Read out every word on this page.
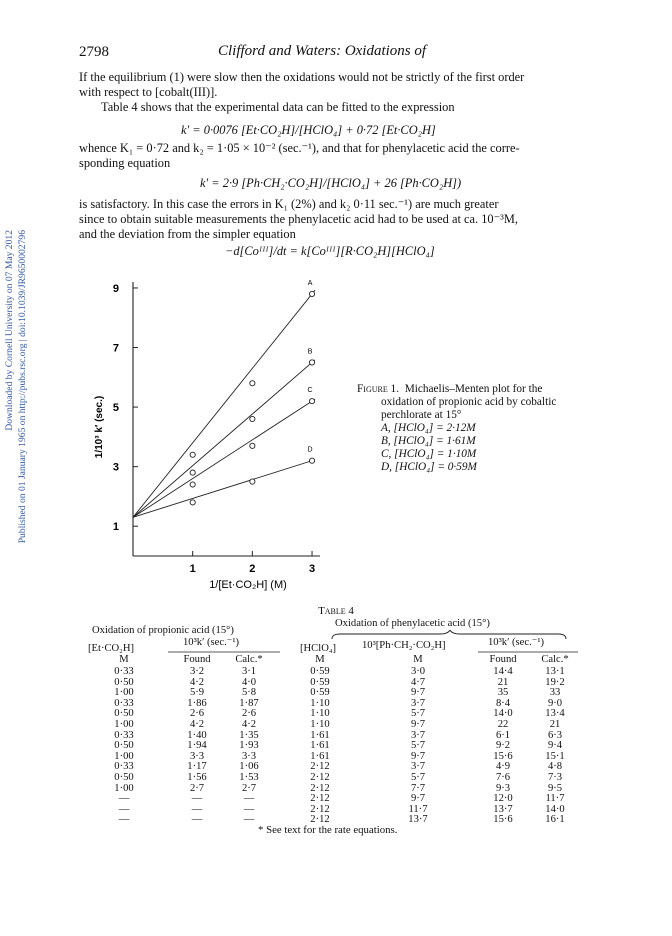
Downloaded by Cornell University on 07 May 2012 Published on 01 January 1965 on http://pubs.rsc.org | doi:10.1039/JR9650002796
2798	Clifford and Waters: Oxidations of

If the equilibrium (1) were slow then the oxidations would not be strictly of the first order

with respect to [cobalt(III)].

Table 4 shows that the experimental data can be fitted to the expression

k′ = 0·0076 [Et·CO₂H]/[HClO₄] + 0·72 [Et·CO₂H]

whence K₁ = 0·72 and k₂ = 1·05 × 10⁻² (sec.⁻¹), and that for phenylacetic acid the corre-

sponding equation

k′ = 2·9 [Ph·CH₂·CO₂H]/[HClO₄] + 26 [Ph·CO₂H])

is satisfactory. In this case the errors in K₁ (2%) and k₂ 0·11 sec.⁻¹) are much greater

since to obtain suitable measurements the phenylacetic acid had to be used at ca. 10⁻³M,

and the deviation from the simpler equation

−d[Coᴵᴵᴵ]/dt = k[Coᴵᴵᴵ][R·CO₂H][HClO₄]
1
3
5
7
9
1	2	3
A
B
C
D
1/10³ k′ (sec.)
1/[Et·CO₂H] (M)
Figure 1. Michaelis–Menten plot for the
oxidation of propionic acid by cobaltic
perchlorate at 15°
A, [HClO₄] = 2·12M
B, [HClO₄] = 1·61M
C, [HClO₄] = 1·10M
D, [HClO₄] = 0·59M
Table 4
Oxidation of propionic acid (15°)
Oxidation of phenylacetic acid (15°)
[Et·CO₂H]
10³k′ (sec.⁻¹)
M	Found	Calc.*
[HClO₄] 10³[Ph·CH₂·CO₂H]	10³k′ (sec.⁻¹)
M	M	Found	Calc.*
0·33	3·2	3·1	0·59	3·0	14·4	13·1
0·50	4·2	4·0	0·59	4·7	21	19·2
1·00	5·9	5·8	0·59	9·7	35	33
0·33	1·86	1·87	1·10	3·7	8·4	9·0
0·50	2·6	2·6	1·10	5·7	14·0	13·4
1·00	4·2	4·2	1·10	9·7	22	21
0·33	1·40	1·35	1·61	3·7	6·1	6·3
0·50	1·94	1·93	1·61	5·7	9·2	9·4
1·00	3·3	3·3	1·61	9·7	15·6	15·1
0·33	1·17	1·06	2·12	3·7	4·9	4·8
0·50	1·56	1·53	2·12	5·7	7·6	7·3
1·00	2·7	2·7	2·12	7·7	9·3	9·5
—	—	—	2·12	9·7	12·0	11·7
—	—	—	2·12	11·7	13·7	14·0
—	—	—	2·12	13·7	15·6	16·1
* See text for the rate equations.
